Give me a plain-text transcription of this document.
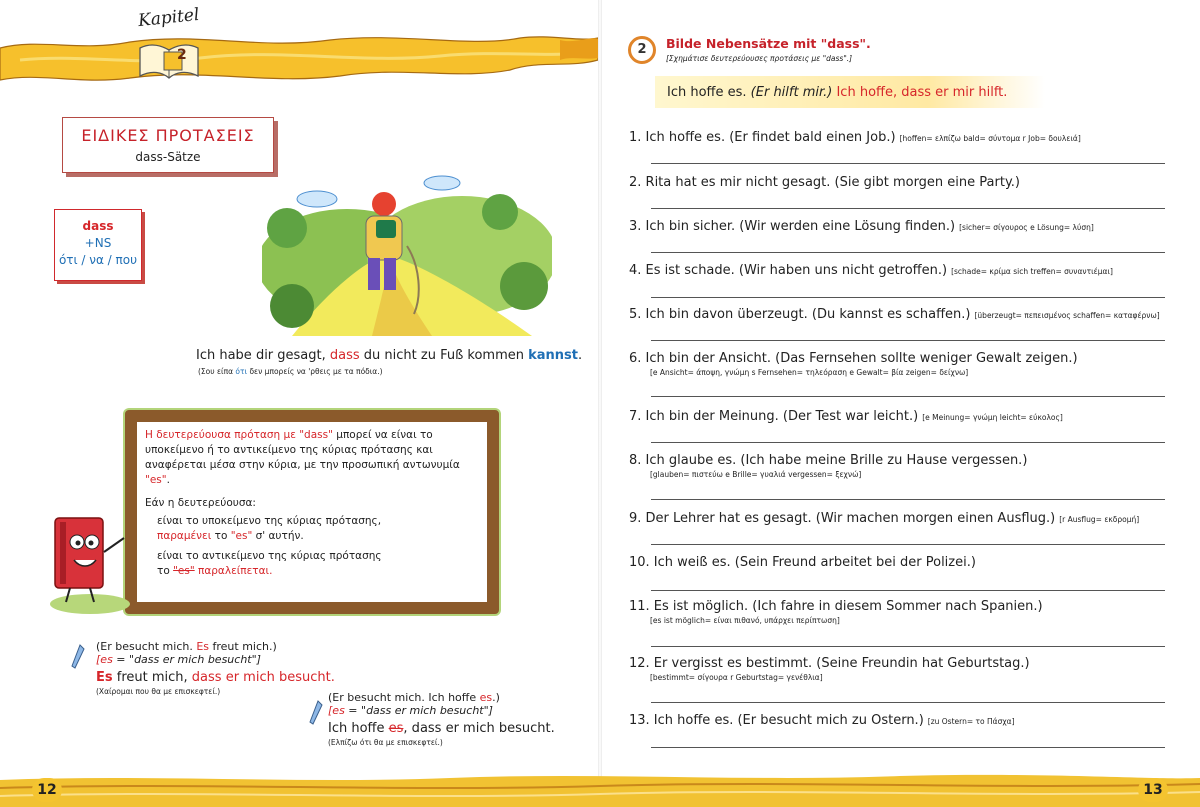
Kapitel
2
ΕΙΔΙΚΕΣ ΠΡΟΤΑΣΕΙΣ
dass-Sätze
dass
+NS
ότι / να / που
Ich habe dir gesagt, dass du nicht zu Fuß kommen kannst.
(Σου είπα ότι δεν μπορείς να 'ρθεις με τα πόδια.)

Η δευτερεύουσα πρόταση με "dass" μπορεί να είναι το υποκείμενο ή το αντικείμενο της κύριας πρότασης και αναφέρεται μέσα στην κύρια, με την προσωπική αντωνυμία "es".

Εάν η δευτερεύουσα:

είναι το υποκείμενο της κύριας πρότασης,

παραμένει το "es" σ' αυτήν.

είναι το αντικείμενο της κύριας πρότασης

το "es" παραλείπεται.

(Er besucht mich. Es freut mich.)
[es = "dass er mich besucht"]
Es freut mich, dass er mich besucht.
(Χαίρομαι που θα με επισκεφτεί.)	(Er besucht mich. Ich hoffe es.)
[es = "dass er mich besucht"]
Ich hoffe es, dass er mich besucht.
(Ελπίζω ότι θα με επισκεφτεί.)
2	Bilde Nebensätze mit "dass".
[Σχημάτισε δευτερεύουσες προτάσεις με "dass".]
Ich hoffe es. (Er hilft mir.) Ich hoffe, dass er mir hilft.
1. Ich hoffe es. (Er findet bald einen Job.) [hoffen= ελπίζω bald= σύντομα r Job= δουλειά]
2. Rita hat es mir nicht gesagt. (Sie gibt morgen eine Party.)
3. Ich bin sicher. (Wir werden eine Lösung finden.) [sicher= σίγουρος e Lösung= λύση]
4. Es ist schade. (Wir haben uns nicht getroffen.) [schade= κρίμα sich treffen= συναντιέμαι]
5. Ich bin davon überzeugt. (Du kannst es schaffen.) [überzeugt= πεπεισμένος schaffen= καταφέρνω]
6. Ich bin der Ansicht. (Das Fernsehen sollte weniger Gewalt zeigen.)
[e Ansicht= άποψη, γνώμη s Fernsehen= τηλεόραση e Gewalt= βία zeigen= δείχνω]
7. Ich bin der Meinung. (Der Test war leicht.) [e Meinung= γνώμη leicht= εύκολος]
8. Ich glaube es. (Ich habe meine Brille zu Hause vergessen.)
[glauben= πιστεύω e Brille= γυαλιά vergessen= ξεχνώ]
9. Der Lehrer hat es gesagt. (Wir machen morgen einen Ausflug.) [r Ausflug= εκδρομή]
10. Ich weiß es. (Sein Freund arbeitet bei der Polizei.)
11. Es ist möglich. (Ich fahre in diesem Sommer nach Spanien.)
[es ist möglich= είναι πιθανό, υπάρχει περίπτωση]
12. Er vergisst es bestimmt. (Seine Freundin hat Geburtstag.)
[bestimmt= σίγουρα r Geburtstag= γενέθλια]
13. Ich hoffe es. (Er besucht mich zu Ostern.) [zu Ostern= το Πάσχα]
12	13
